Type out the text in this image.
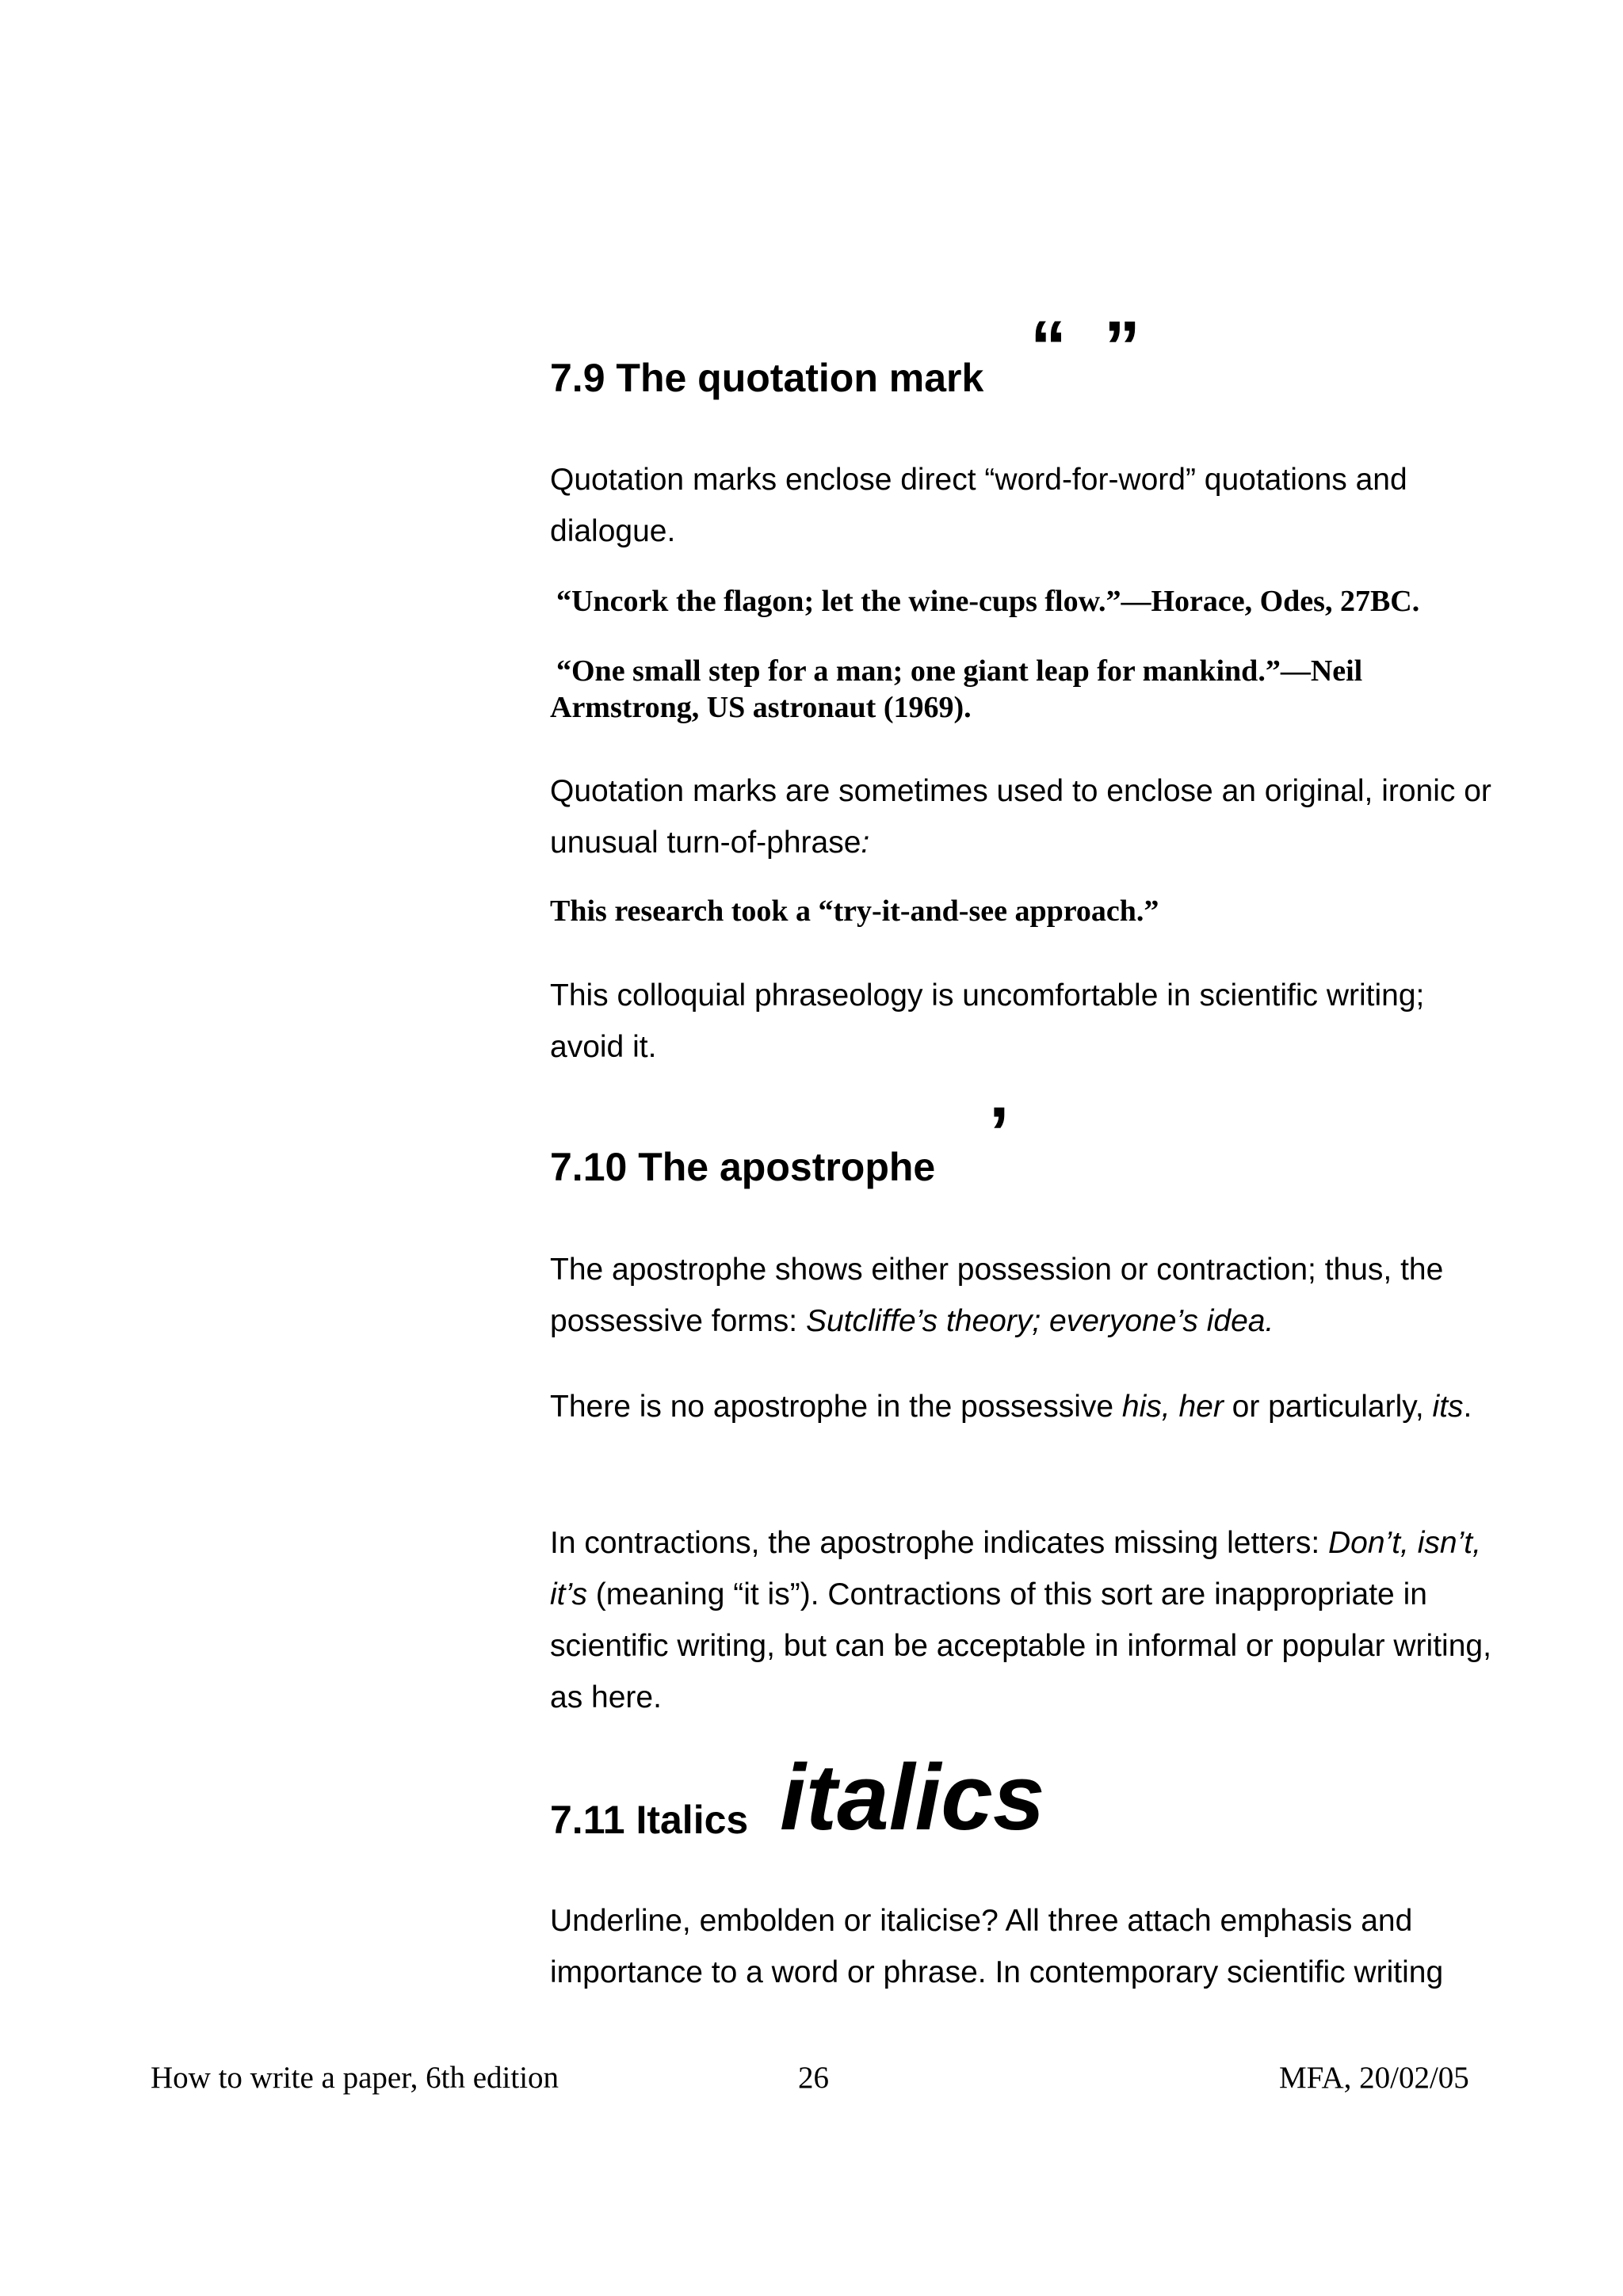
7.9 The quotation mark “ ”

Quotation marks enclose direct “word-for-word” quotations and dialogue.

“Uncork the flagon; let the wine-cups flow.”—Horace, Odes, 27BC.

“One small step for a man; one giant leap for mankind.”—Neil Armstrong, US astronaut (1969).

Quotation marks are sometimes used to enclose an original, ironic or unusual turn-of-phrase:

This research took a “try-it-and-see approach.”

This colloquial phraseology is uncomfortable in scientific writing; avoid it.

7.10 The apostrophe ’

The apostrophe shows either possession or contraction; thus, the possessive forms: Sutcliffe’s theory; everyone’s idea.

There is no apostrophe in the possessive his, her or particularly, its.

In contractions, the apostrophe indicates missing letters: Don’t, isn’t, it’s (meaning “it is”). Contractions of this sort are inappropriate in scientific writing, but can be acceptable in informal or popular writing, as here.

7.11 Italics italics

Underline, embolden or italicise? All three attach emphasis and importance to a word or phrase. In contemporary scientific writing

How to write a paper, 6th edition	26	MFA, 20/02/05
